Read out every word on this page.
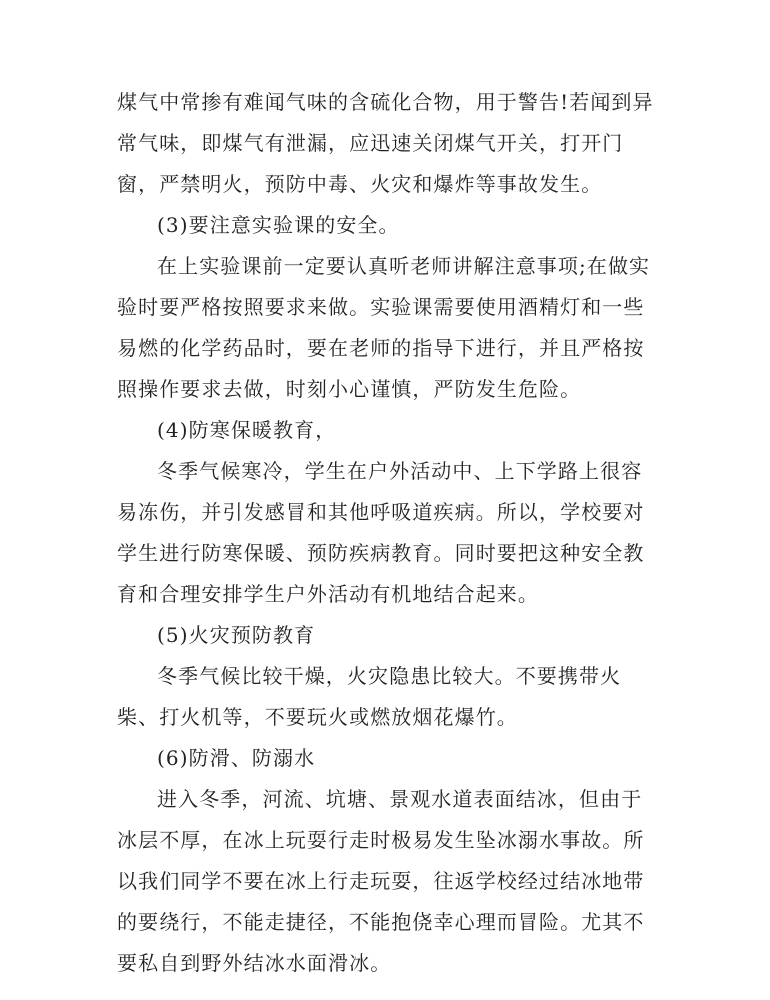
煤气中常掺有难闻气味的含硫化合物，用于警告!若闻到异
常气味，即煤气有泄漏，应迅速关闭煤气开关，打开门
窗，严禁明火，预防中毒、火灾和爆炸等事故发生。
(3)要注意实验课的安全。
在上实验课前一定要认真听老师讲解注意事项;在做实
验时要严格按照要求来做。实验课需要使用酒精灯和一些
易燃的化学药品时，要在老师的指导下进行，并且严格按
照操作要求去做，时刻小心谨慎，严防发生危险。
(4)防寒保暖教育，
冬季气候寒冷，学生在户外活动中、上下学路上很容
易冻伤，并引发感冒和其他呼吸道疾病。所以，学校要对
学生进行防寒保暖、预防疾病教育。同时要把这种安全教
育和合理安排学生户外活动有机地结合起来。
(5)火灾预防教育
冬季气候比较干燥，火灾隐患比较大。不要携带火
柴、打火机等，不要玩火或燃放烟花爆竹。
(6)防滑、防溺水
进入冬季，河流、坑塘、景观水道表面结冰，但由于
冰层不厚，在冰上玩耍行走时极易发生坠冰溺水事故。所
以我们同学不要在冰上行走玩耍，往返学校经过结冰地带
的要绕行，不能走捷径，不能抱侥幸心理而冒险。尤其不
要私自到野外结冰水面滑冰。
